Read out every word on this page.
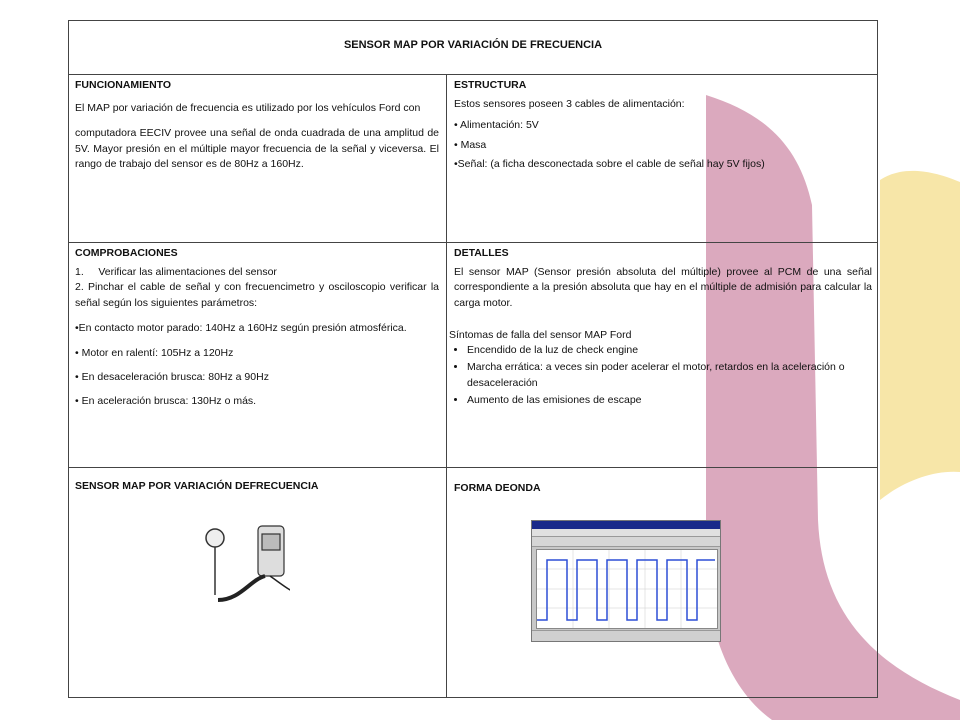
SENSOR MAP POR VARIACIÓN DE FRECUENCIA
FUNCIONAMIENTO
El MAP por variación de frecuencia es utilizado por los vehículos Ford con
computadora EECIV provee una señal de onda cuadrada de una amplitud de 5V. Mayor presión en el múltiple mayor frecuencia de la señal y viceversa. El rango de trabajo del sensor es de 80Hz a 160Hz.
ESTRUCTURA
Estos sensores poseen 3 cables de alimentación:
• Alimentación: 5V
• Masa
•Señal: (a ficha desconectada sobre el cable de señal hay 5V fijos)
COMPROBACIONES
1.     Verificar las alimentaciones del sensor
2. Pinchar el cable de señal y con frecuencimetro y osciloscopio verificar la señal según los siguientes parámetros:
•En contacto motor parado: 140Hz a 160Hz según presión atmosférica.
• Motor en ralentí: 105Hz a 120Hz
• En desaceleración brusca: 80Hz a 90Hz
• En aceleración brusca: 130Hz o más.
DETALLES
El sensor MAP (Sensor presión absoluta del múltiple) provee al PCM de una señal correspondiente a la presión absoluta que hay en el múltiple de admisión para calcular la carga motor.
Síntomas de falla del sensor MAP Ford
• Encendido de la luz de check engine
• Marcha errática: a veces sin poder acelerar el motor, retardos en la aceleración o desaceleración
• Aumento de las emisiones de escape
SENSOR MAP POR VARIACIÓN DEFRECUENCIA	FORMA DEONDA
